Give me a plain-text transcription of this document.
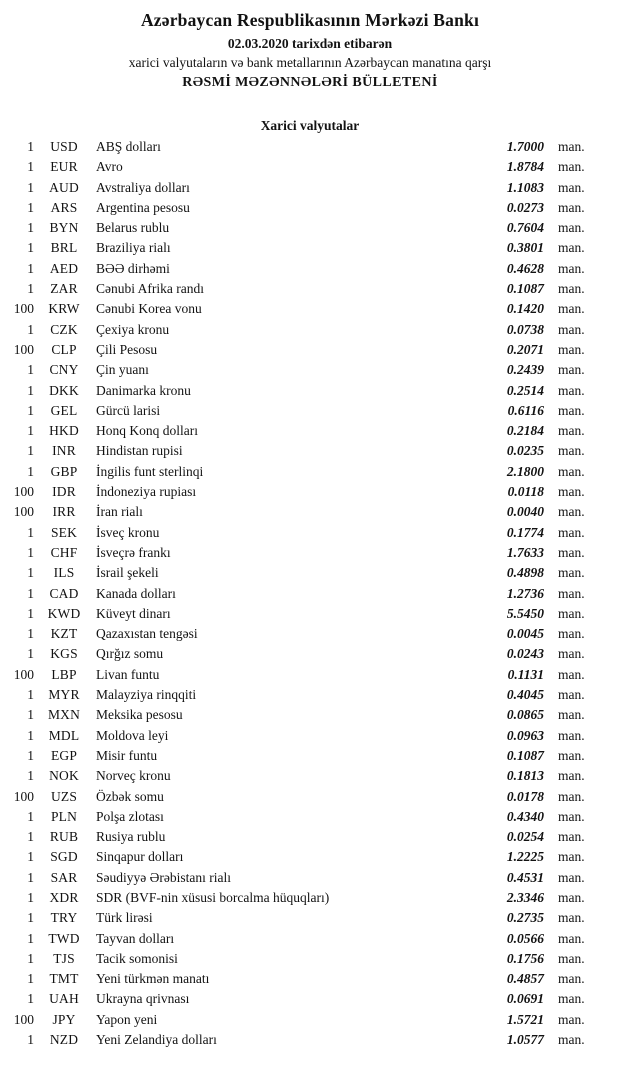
Azərbaycan Respublikasının Mərkəzi Bankı
02.03.2020 tarixdən etibarən
xarici valyutaların və bank metallarının Azərbaycan manatına qarşı
RƏSMİ MƏZƏNNƏLƏRİ BÜLLETENİ
Xarici valyutalar
1	USD	ABŞ dolları	1.7000	man.
1	EUR	Avro	1.8784	man.
1	AUD	Avstraliya dolları	1.1083	man.
1	ARS	Argentina pesosu	0.0273	man.
1	BYN	Belarus rublu	0.7604	man.
1	BRL	Braziliya rialı	0.3801	man.
1	AED	BƏƏ dirhəmi	0.4628	man.
1	ZAR	Cənubi Afrika randı	0.1087	man.
100	KRW	Cənubi Korea vonu	0.1420	man.
1	CZK	Çexiya kronu	0.0738	man.
100	CLP	Çili Pesosu	0.2071	man.
1	CNY	Çin yuanı	0.2439	man.
1	DKK	Danimarka kronu	0.2514	man.
1	GEL	Gürcü larisi	0.6116	man.
1	HKD	Honq Konq dolları	0.2184	man.
1	INR	Hindistan rupisi	0.0235	man.
1	GBP	İngilis funt sterlinqi	2.1800	man.
100	IDR	İndoneziya rupiası	0.0118	man.
100	IRR	İran rialı	0.0040	man.
1	SEK	İsveç kronu	0.1774	man.
1	CHF	İsveçrə frankı	1.7633	man.
1	ILS	İsrail şekeli	0.4898	man.
1	CAD	Kanada dolları	1.2736	man.
1	KWD	Küveyt dinarı	5.5450	man.
1	KZT	Qazaxıstan tengəsi	0.0045	man.
1	KGS	Qırğız somu	0.0243	man.
100	LBP	Livan funtu	0.1131	man.
1	MYR	Malayziya rinqqiti	0.4045	man.
1	MXN	Meksika pesosu	0.0865	man.
1	MDL	Moldova leyi	0.0963	man.
1	EGP	Misir funtu	0.1087	man.
1	NOK	Norveç kronu	0.1813	man.
100	UZS	Özbək somu	0.0178	man.
1	PLN	Polşa zlotası	0.4340	man.
1	RUB	Rusiya rublu	0.0254	man.
1	SGD	Sinqapur dolları	1.2225	man.
1	SAR	Səudiyyə Ərəbistanı rialı	0.4531	man.
1	XDR	SDR (BVF-nin xüsusi borcalma hüquqları)	2.3346	man.
1	TRY	Türk lirəsi	0.2735	man.
1	TWD	Tayvan dolları	0.0566	man.
1	TJS	Tacik somonisi	0.1756	man.
1	TMT	Yeni türkmən manatı	0.4857	man.
1	UAH	Ukrayna qrivnası	0.0691	man.
100	JPY	Yapon yeni	1.5721	man.
1	NZD	Yeni Zelandiya dolları	1.0577	man.
